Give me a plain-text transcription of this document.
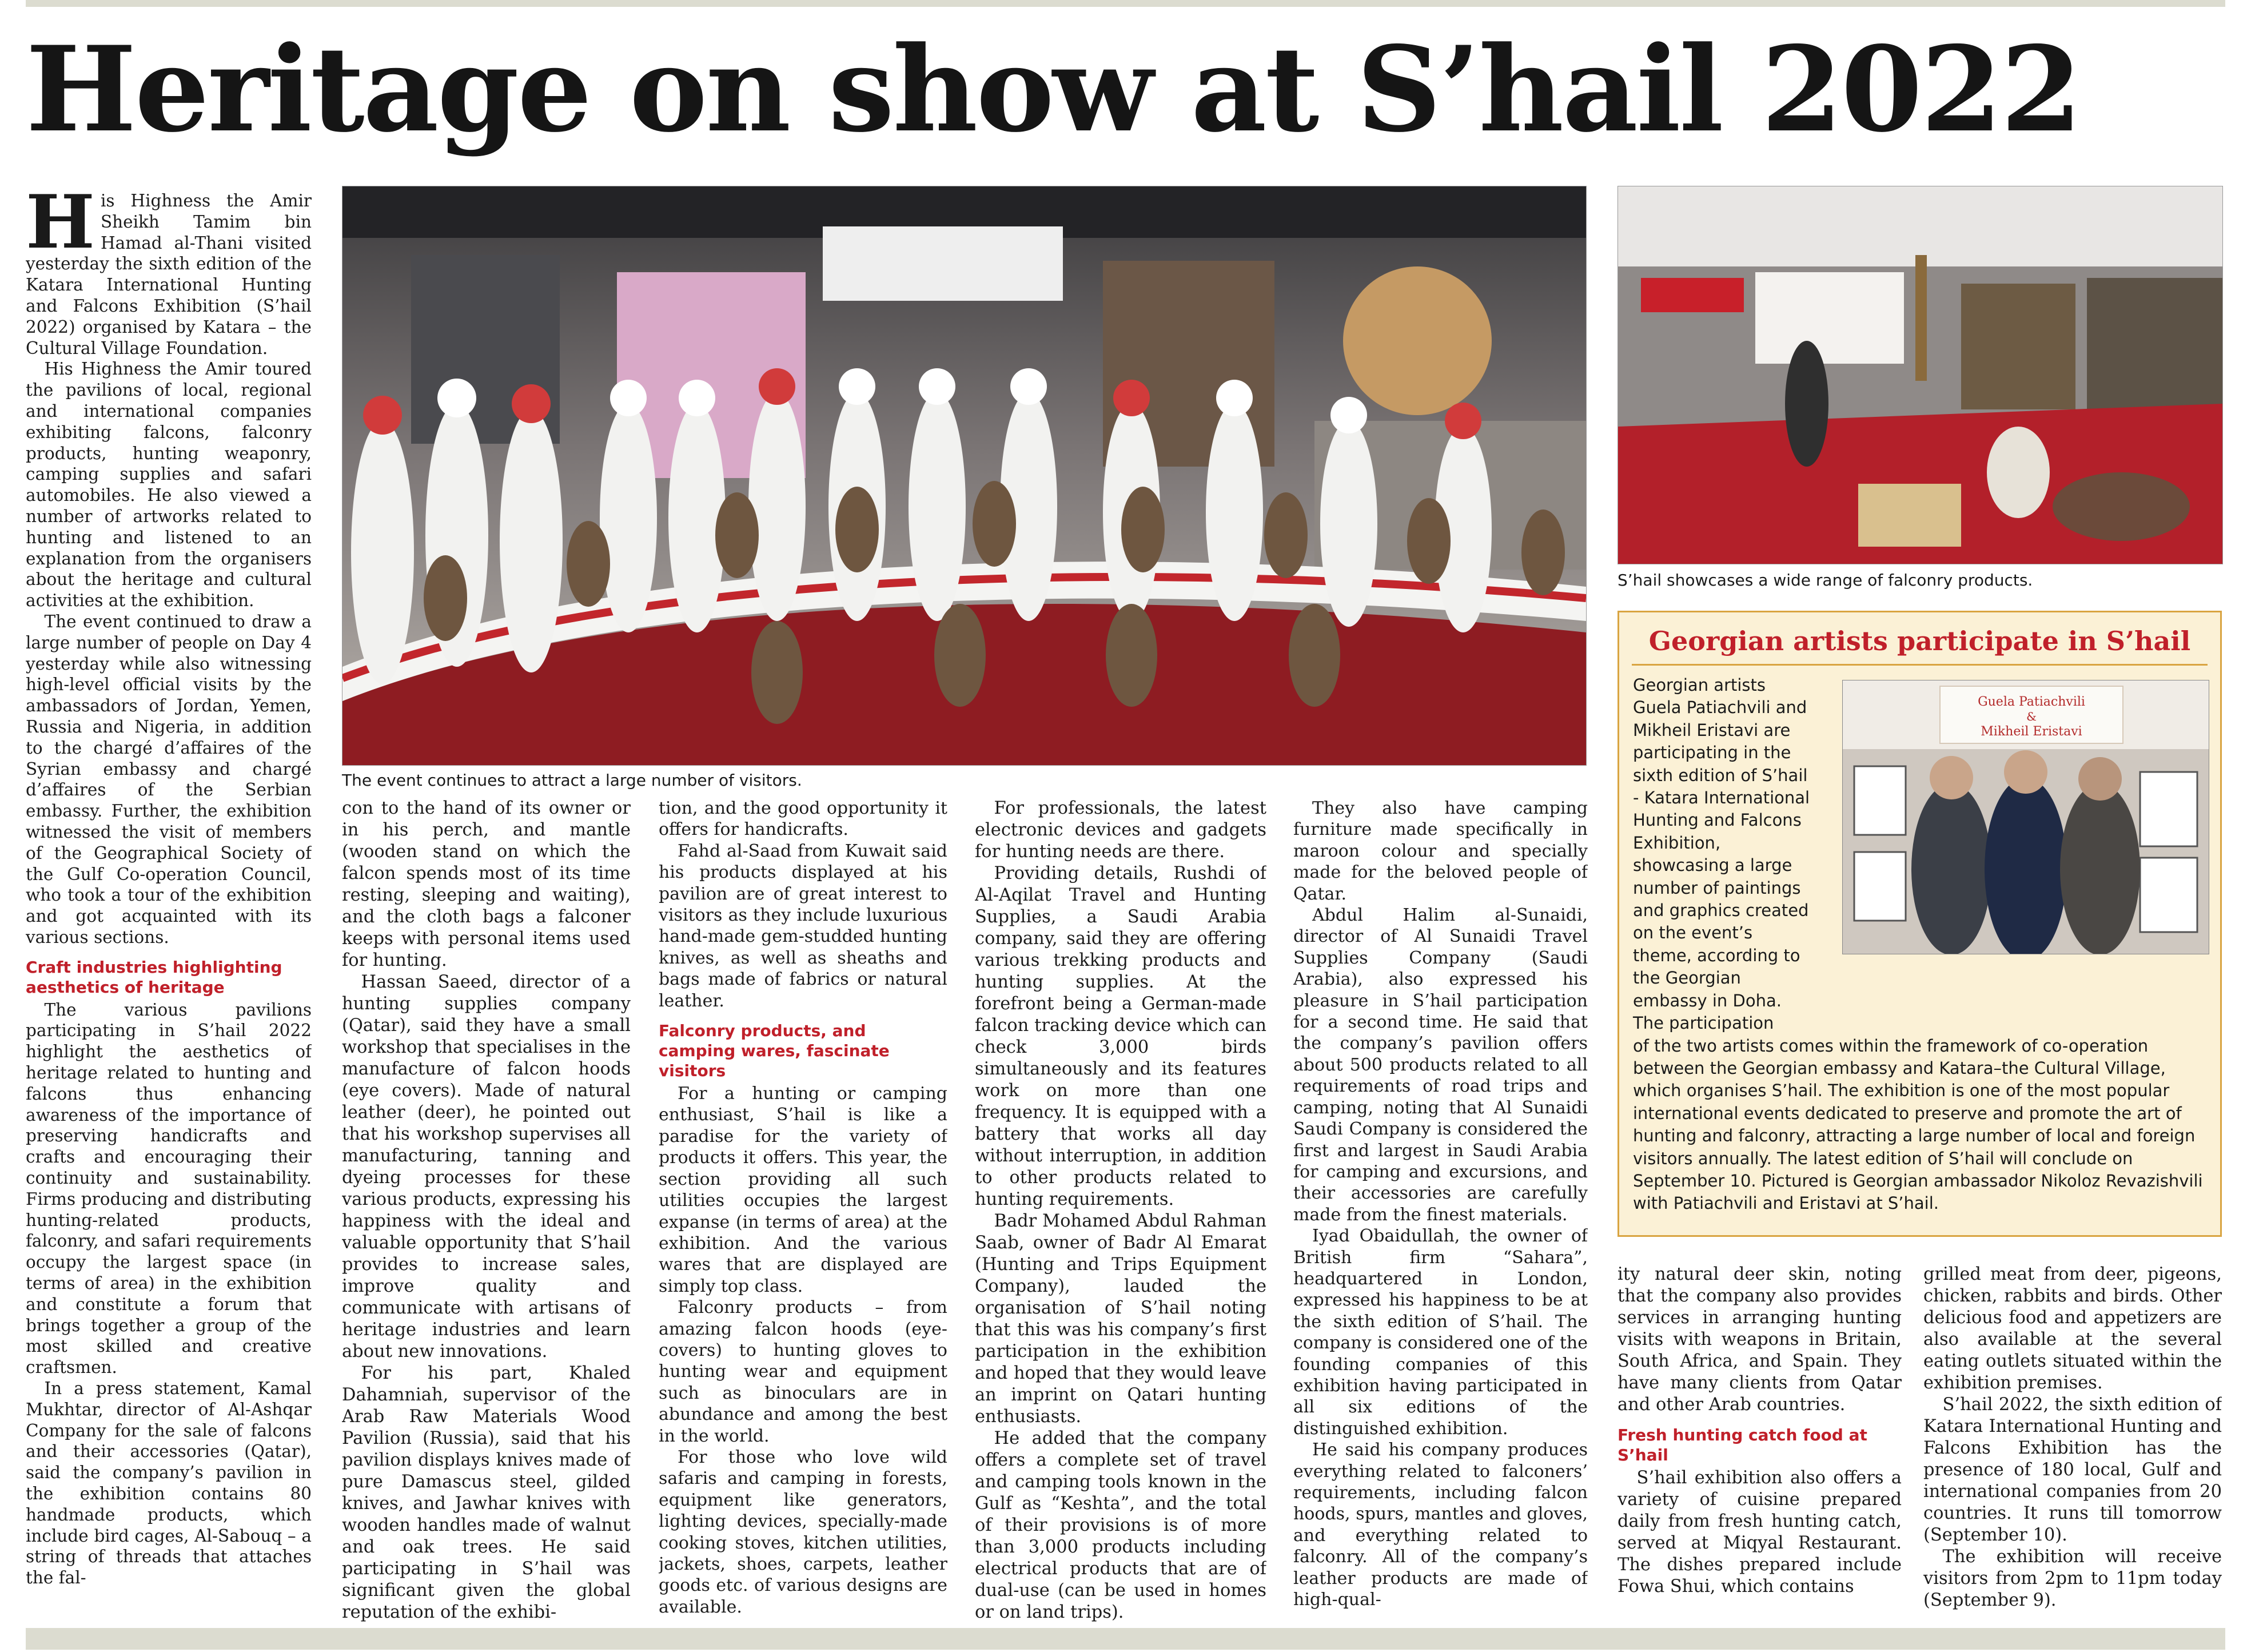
Heritage on show at S’hail 2022

His Highness the Amir Sheikh Tamim bin Hamad al-Thani visited yesterday the sixth edition of the Katara International Hunting and Falcons Exhibition (S’hail 2022) organised by Katara – the Cultural Village Foundation.

His Highness the Amir toured the pavilions of local, regional and international companies exhibiting falcons, falconry products, hunting weaponry, camping supplies and safari automobiles. He also viewed a number of artworks related to hunting and listened to an explanation from the organisers about the heritage and cultural activities at the exhibition.

The event continued to draw a large number of people on Day 4 yesterday while also witnessing high-level official visits by the ambassadors of Jordan, Yemen, Russia and Nigeria, in addition to the chargé d’affaires of the Syrian embassy and chargé d’affaires of the Serbian embassy. Further, the exhibition witnessed the visit of members of the Geographical Society of the Gulf Co-operation Council, who took a tour of the exhibition and got acquainted with its various sections.

Craft industries highlighting aesthetics of heritage

The various pavilions participating in S’hail 2022 highlight the aesthetics of heritage related to hunting and falcons thus enhancing awareness of the importance of preserving handicrafts and crafts and encouraging their continuity and sustainability. Firms producing and distributing hunting-related products, falconry, and safari requirements occupy the largest space (in terms of area) in the exhibition and constitute a forum that brings together a group of the most skilled and creative craftsmen.

In a press statement, Kamal Mukhtar, director of Al-Ashqar Company for the sale of falcons and their accessories (Qatar), said the company’s pavilion in the exhibition contains 80 handmade products, which include bird cages, Al-Sabouq – a string of threads that attaches the fal-

The event continues to attract a large number of visitors.

con to the hand of its owner or in his perch, and mantle (wooden stand on which the falcon spends most of its time resting, sleeping and waiting), and the cloth bags a falconer keeps with personal items used for hunting.

Hassan Saeed, director of a hunting supplies company (Qatar), said they have a small workshop that specialises in the manufacture of falcon hoods (eye covers). Made of natural leather (deer), he pointed out that his workshop supervises all manufacturing, tanning and dyeing processes for these various products, expressing his happiness with the ideal and valuable opportunity that S’hail provides to increase sales, improve quality and communicate with artisans of heritage industries and learn about new innovations.

For his part, Khaled Dahamniah, supervisor of the Arab Raw Materials Wood Pavilion (Russia), said that his pavilion displays knives made of pure Damascus steel, gilded knives, and Jawhar knives with wooden handles made of walnut and oak trees. He said participating in S’hail was significant given the global reputation of the exhibi-

tion, and the good opportunity it offers for handicrafts.

Fahd al-Saad from Kuwait said his products displayed at his pavilion are of great interest to visitors as they include luxurious hand-made gem-studded hunting knives, as well as sheaths and bags made of fabrics or natural leather.

Falconry products, and camping wares, fascinate visitors

For a hunting or camping enthusiast, S’hail is like a paradise for the variety of products it offers. This year, the section providing all such utilities occupies the largest expanse (in terms of area) at the exhibition. And the various wares that are displayed are simply top class.

Falconry products – from amazing falcon hoods (eye-covers) to hunting gloves to hunting wear and equipment such as binoculars are in abundance and among the best in the world.

For those who love wild safaris and camping in forests, equipment like generators, lighting devices, specially-made cooking stoves, kitchen utilities, jackets, shoes, carpets, leather goods etc. of various designs are available.

For professionals, the latest electronic devices and gadgets for hunting needs are there.

Providing details, Rushdi of Al-Aqilat Travel and Hunting Supplies, a Saudi Arabia company, said they are offering various trekking products and hunting supplies. At the forefront being a German-made falcon tracking device which can check 3,000 birds simultaneously and its features work on more than one frequency. It is equipped with a battery that works all day without interruption, in addition to other products related to hunting requirements.

Badr Mohamed Abdul Rahman Saab, owner of Badr Al Emarat (Hunting and Trips Equipment Company), lauded the organisation of S’hail noting that this was his company’s first participation in the exhibition and hoped that they would leave an imprint on Qatari hunting enthusiasts.

He added that the company offers a complete set of travel and camping tools known in the Gulf as “Keshta”, and the total of their provisions is of more than 3,000 products including electrical products that are of dual-use (can be used in homes or on land trips).

They also have camping furniture made specifically in maroon colour and specially made for the beloved people of Qatar.

Abdul Halim al-Sunaidi, director of Al Sunaidi Travel Supplies Company (Saudi Arabia), also expressed his pleasure in S’hail participation for a second time. He said that the company’s pavilion offers about 500 products related to all requirements of road trips and camping, noting that Al Sunaidi Saudi Company is considered the first and largest in Saudi Arabia for camping and excursions, and their accessories are carefully made from the finest materials.

Iyad Obaidullah, the owner of British firm “Sahara”, headquartered in London, expressed his happiness to be at the sixth edition of S’hail. The company is considered one of the founding companies of this exhibition having participated in all six editions of the distinguished exhibition.

He said his company produces everything related to falconers’ requirements, including falcon hoods, spurs, mantles and gloves, and everything related to falconry. All of the company’s leather products are made of high-qual-

S’hail showcases a wide range of falconry products.

Georgian artists participate in S’hail
Guela Patiachvili
&
Mikheil Eristavi

Georgian artists Guela Patiachvili and Mikheil Eristavi are participating in the sixth edition of S’hail - Katara International Hunting and Falcons Exhibition, showcasing a large number of paintings and graphics created on the event’s theme, according to the Georgian embassy in Doha. The participation
of the two artists comes within the framework of co-operation between the Georgian embassy and Katara–the Cultural Village, which organises S’hail. The exhibition is one of the most popular international events dedicated to preserve and promote the art of hunting and falconry, attracting a large number of local and foreign visitors annually. The latest edition of S’hail will conclude on September 10. Pictured is Georgian ambassador Nikoloz Revazishvili with Patiachvili and Eristavi at S’hail.

ity natural deer skin, noting that the company also provides services in arranging hunting visits with weapons in Britain, South Africa, and Spain. They have many clients from Qatar and other Arab countries.

Fresh hunting catch food at S’hail

S’hail exhibition also offers a variety of cuisine prepared daily from fresh hunting catch, served at Miqyal Restaurant. The dishes prepared include Fowa Shui, which contains

grilled meat from deer, pigeons, chicken, rabbits and birds. Other delicious food and appetizers are also available at the several eating outlets situated within the exhibition premises.

S’hail 2022, the sixth edition of Katara International Hunting and Falcons Exhibition has the presence of 180 local, Gulf and international companies from 20 countries. It runs till tomorrow (September 10).

The exhibition will receive visitors from 2pm to 11pm today (September 9).
